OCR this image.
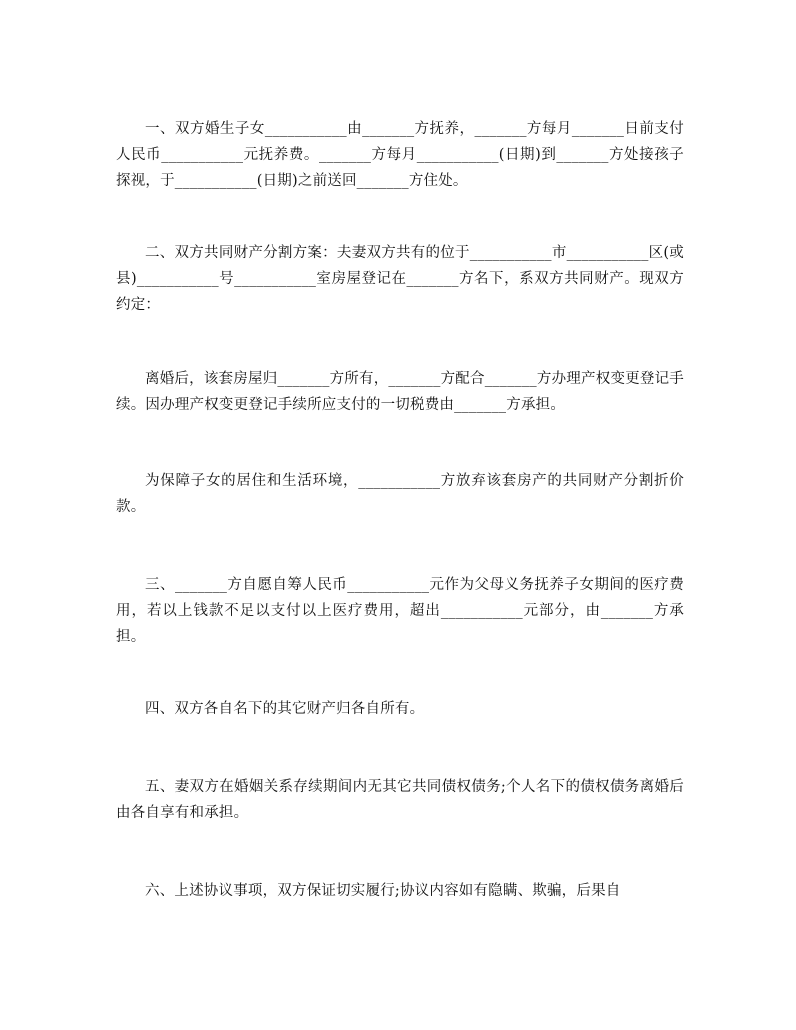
一、双方婚生子女___________由_______方抚养，_______方每月_______日前支付人民币___________元抚养费。_______方每月___________(日期)到_______方处接孩子探视，于___________(日期)之前送回_______方住处。

二、双方共同财产分割方案：夫妻双方共有的位于___________市___________区(或县)___________号___________室房屋登记在_______方名下，系双方共同财产。现双方约定：

离婚后，该套房屋归_______方所有，_______方配合_______方办理产权变更登记手续。因办理产权变更登记手续所应支付的一切税费由_______方承担。

为保障子女的居住和生活环境，___________方放弃该套房产的共同财产分割折价款。

三、_______方自愿自筹人民币___________元作为父母义务抚养子女期间的医疗费用，若以上钱款不足以支付以上医疗费用，超出___________元部分，由_______方承担。

四、双方各自名下的其它财产归各自所有。

五、妻双方在婚姻关系存续期间内无其它共同债权债务;个人名下的债权债务离婚后由各自享有和承担。

六、上述协议事项，双方保证切实履行;协议内容如有隐瞒、欺骗，后果自
